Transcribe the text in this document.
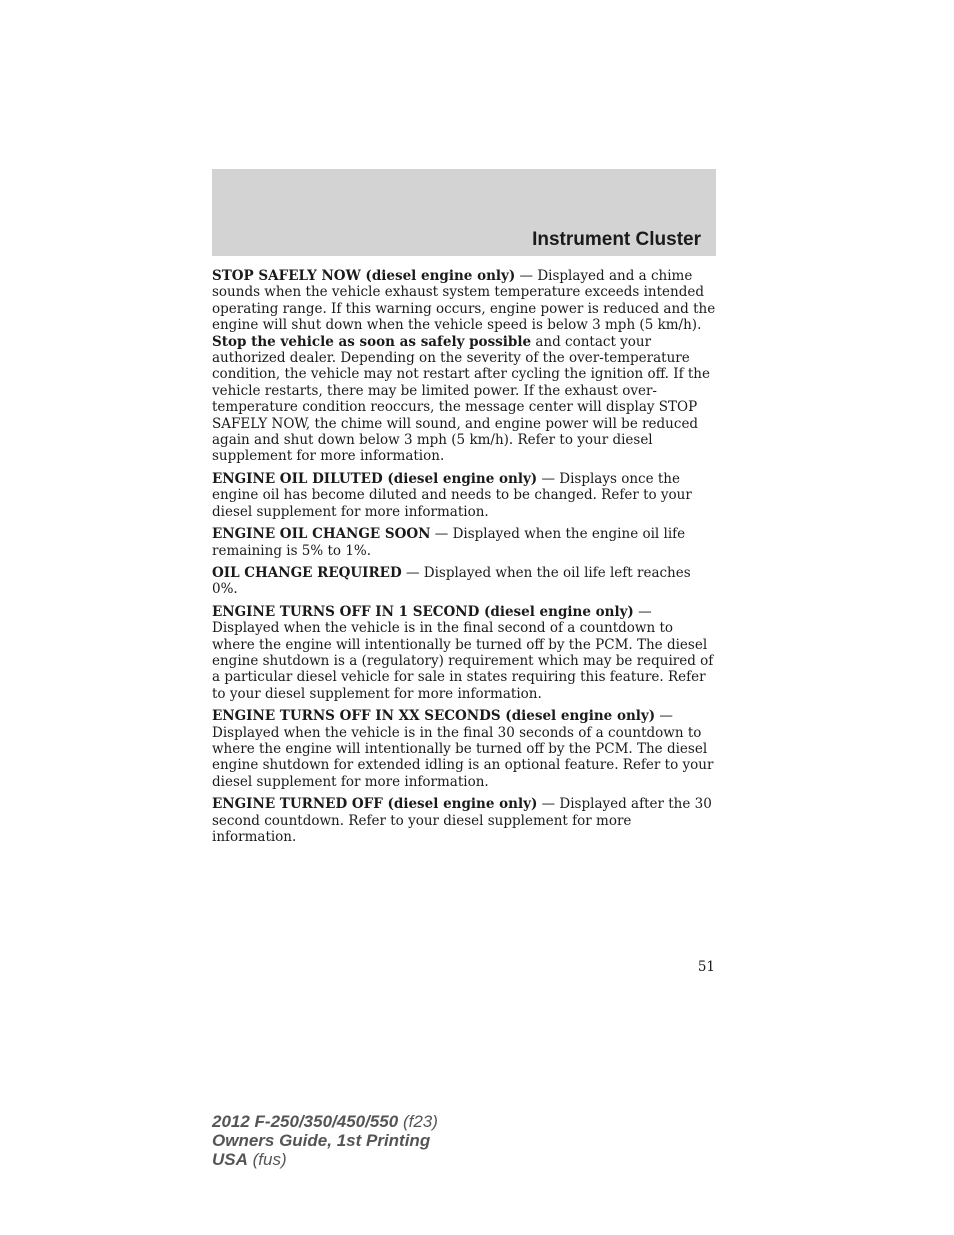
Instrument Cluster

STOP SAFELY NOW (diesel engine only) — Displayed and a chime sounds when the vehicle exhaust system temperature exceeds intended operating range. If this warning occurs, engine power is reduced and the engine will shut down when the vehicle speed is below 3 mph (5 km/h). Stop the vehicle as soon as safely possible and contact your authorized dealer. Depending on the severity of the over-temperature condition, the vehicle may not restart after cycling the ignition off. If the vehicle restarts, there may be limited power. If the exhaust over-temperature condition reoccurs, the message center will display STOP SAFELY NOW, the chime will sound, and engine power will be reduced again and shut down below 3 mph (5 km/h). Refer to your diesel supplement for more information.

ENGINE OIL DILUTED (diesel engine only) — Displays once the engine oil has become diluted and needs to be changed. Refer to your diesel supplement for more information.

ENGINE OIL CHANGE SOON — Displayed when the engine oil life remaining is 5% to 1%.

OIL CHANGE REQUIRED — Displayed when the oil life left reaches 0%.

ENGINE TURNS OFF IN 1 SECOND (diesel engine only) — Displayed when the vehicle is in the final second of a countdown to where the engine will intentionally be turned off by the PCM. The diesel engine shutdown is a (regulatory) requirement which may be required of a particular diesel vehicle for sale in states requiring this feature. Refer to your diesel supplement for more information.

ENGINE TURNS OFF IN XX SECONDS (diesel engine only) — Displayed when the vehicle is in the final 30 seconds of a countdown to where the engine will intentionally be turned off by the PCM. The diesel engine shutdown for extended idling is an optional feature. Refer to your diesel supplement for more information.

ENGINE TURNED OFF (diesel engine only) — Displayed after the 30 second countdown. Refer to your diesel supplement for more information.

51
2012 F-250/350/450/550 (f23)
Owners Guide, 1st Printing
USA (fus)
